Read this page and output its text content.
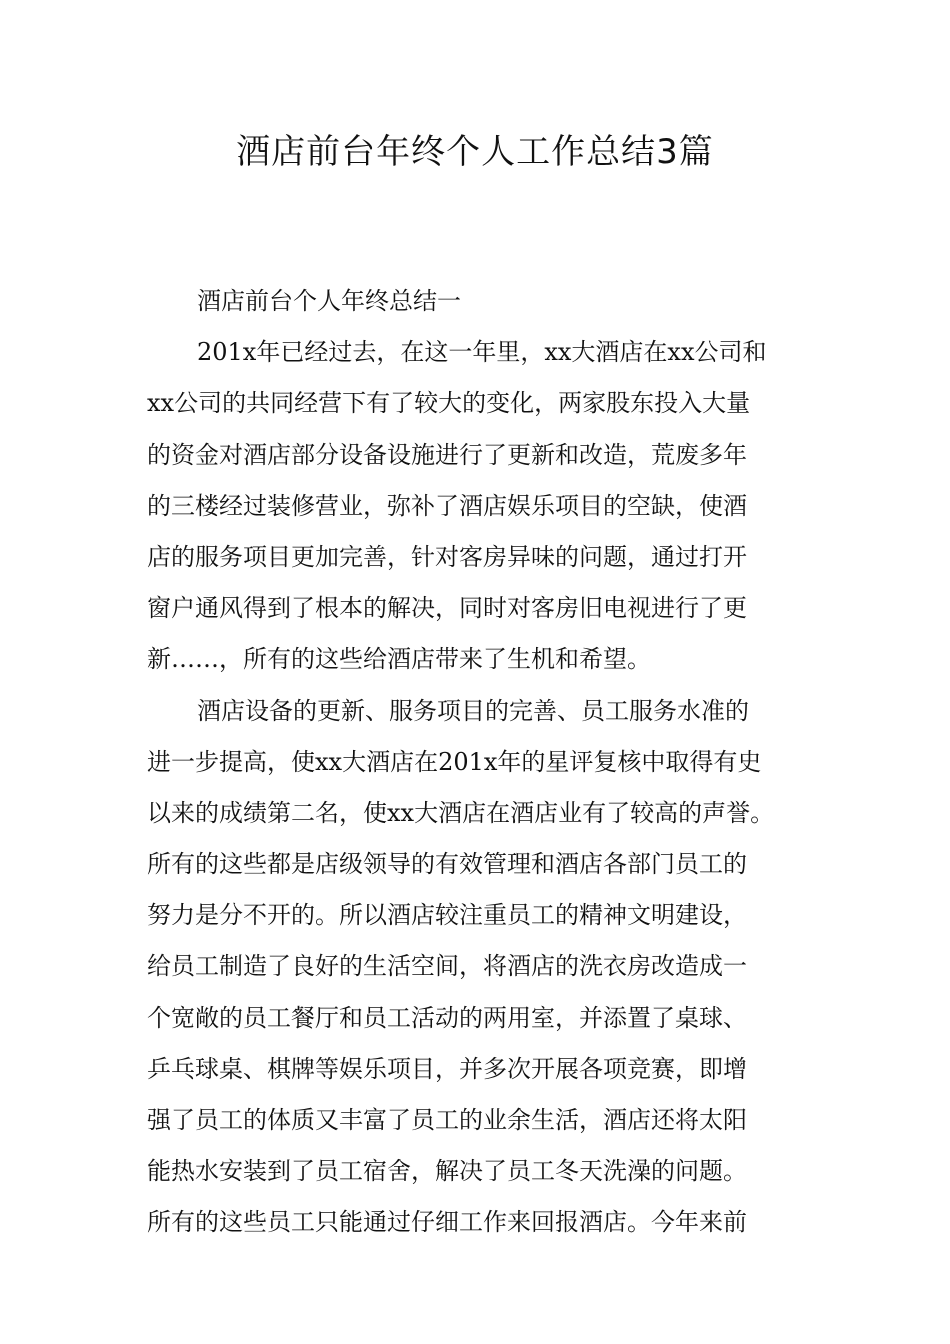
酒店前台年终个人工作总结3篇
酒店前台个人年终总结一
201x年已经过去，在这一年里，xx大酒店在xx公司和
xx公司的共同经营下有了较大的变化，两家股东投入大量
的资金对酒店部分设备设施进行了更新和改造，荒废多年
的三楼经过装修营业，弥补了酒店娱乐项目的空缺，使酒
店的服务项目更加完善，针对客房异味的问题，通过打开
窗户通风得到了根本的解决，同时对客房旧电视进行了更
新……，所有的这些给酒店带来了生机和希望。
酒店设备的更新、服务项目的完善、员工服务水准的
进一步提高，使xx大酒店在201x年的星评复核中取得有史
以来的成绩第二名，使xx大酒店在酒店业有了较高的声誉。
所有的这些都是店级领导的有效管理和酒店各部门员工的
努力是分不开的。所以酒店较注重员工的精神文明建设，
给员工制造了良好的生活空间，将酒店的洗衣房改造成一
个宽敞的员工餐厅和员工活动的两用室，并添置了桌球、
乒乓球桌、棋牌等娱乐项目，并多次开展各项竞赛，即增
强了员工的体质又丰富了员工的业余生活，酒店还将太阳
能热水安装到了员工宿舍，解决了员工冬天洗澡的问题。
所有的这些员工只能通过仔细工作来回报酒店。今年来前
